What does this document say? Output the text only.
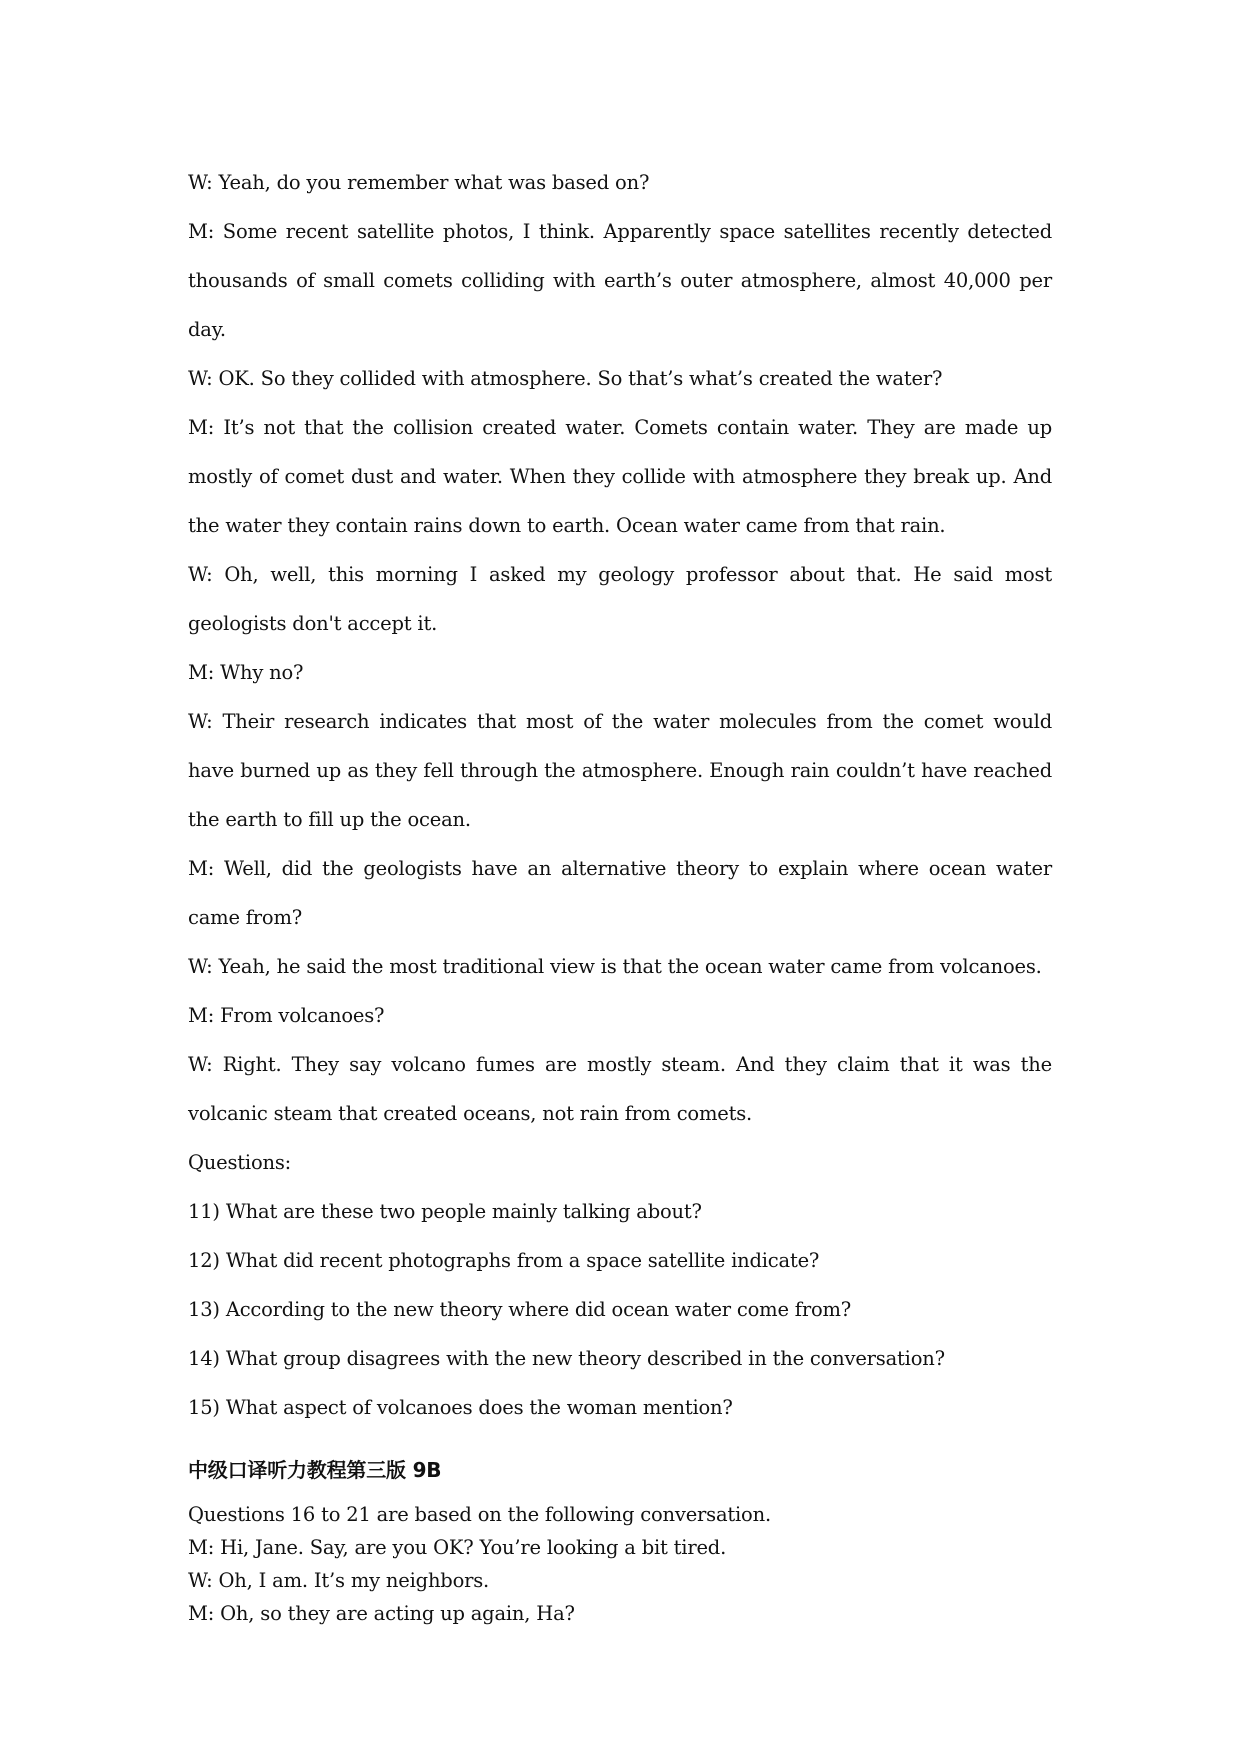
W: Yeah, do you remember what was based on?

M: Some recent satellite photos, I think. Apparently space satellites recently detected thousands of small comets colliding with earth’s outer atmosphere, almost 40,000 per day.

W: OK. So they collided with atmosphere. So that’s what’s created the water?

M: It’s not that the collision created water. Comets contain water. They are made up mostly of comet dust and water. When they collide with atmosphere they break up. And the water they contain rains down to earth. Ocean water came from that rain.

W: Oh, well, this morning I asked my geology professor about that. He said most geologists don't accept it.

M: Why no?

W: Their research indicates that most of the water molecules from the comet would have burned up as they fell through the atmosphere. Enough rain couldn’t have reached the earth to fill up the ocean.

M: Well, did the geologists have an alternative theory to explain where ocean water came from?

W: Yeah, he said the most traditional view is that the ocean water came from volcanoes.

M: From volcanoes?

W: Right. They say volcano fumes are mostly steam. And they claim that it was the volcanic steam that created oceans, not rain from comets.

Questions:

11) What are these two people mainly talking about?

12) What did recent photographs from a space satellite indicate?

13) According to the new theory where did ocean water come from?

14) What group disagrees with the new theory described in the conversation?

15) What aspect of volcanoes does the woman mention?

中级口译听力教程第三版 9B

Questions 16 to 21 are based on the following conversation.

M: Hi, Jane. Say, are you OK? You’re looking a bit tired.

W: Oh, I am. It’s my neighbors.

M: Oh, so they are acting up again, Ha?
